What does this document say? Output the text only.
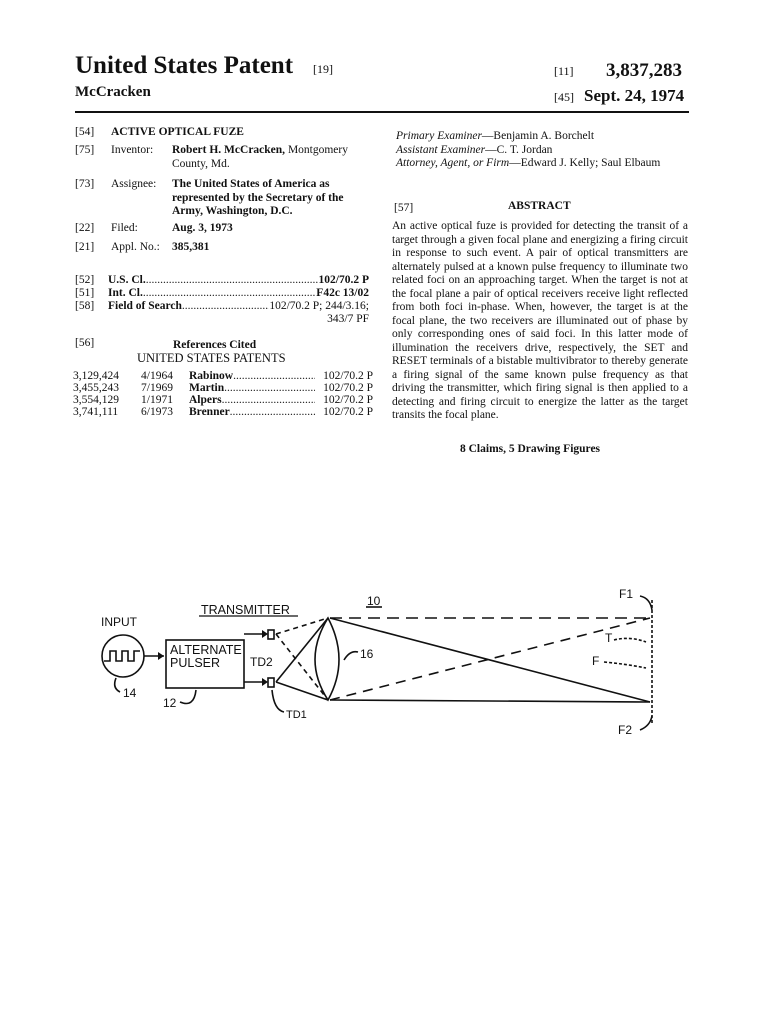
United States Patent [19]
McCracken
[11] 3,837,283
[45] Sept. 24, 1974
[54] ACTIVE OPTICAL FUZE
[75] Inventor: Robert H. McCracken, Montgomery County, Md.
[73] Assignee: The United States of America as represented by the Secretary of the Army, Washington, D.C.
[22] Filed:	Aug. 3, 1973
[21] Appl. No.: 385,381
[52] U.S. Cl. .....	102/70.2 P
[51] Int. Cl. .....	F42c 13/02
[58] Field of Search .....	102/70.2 P; 244/3.16;
343/7 PF
[56]	References Cited
UNITED STATES PATENTS
3,129,424	4/1964	Rabinow .....	102/70.2 P
3,455,243	7/1969	Martin .....	102/70.2 P
3,554,129	1/1971	Alpers .....	102/70.2 P
3,741,111	6/1973	Brenner .....	102/70.2 P
Primary Examiner—Benjamin A. Borchelt
Assistant Examiner—C. T. Jordan
Attorney, Agent, or Firm—Edward J. Kelly; Saul Elbaum
[57]	ABSTRACT
An active optical fuze is provided for detecting the transit of a target through a given focal plane and energizing a firing circuit in response to such event. A pair of optical transmitters are alternately pulsed at a known pulse frequency to illuminate two related foci on an approaching target. When the target is not at the focal plane a pair of optical receivers receive light reflected from both foci in-phase. When, however, the target is at the focal plane, the two receivers are illuminated out of phase by only corresponding ones of said foci. In this latter mode of illumination the receivers drive, respectively, the SET and RESET terminals of a bistable multivibrator to thereby generate a firing signal of the same known pulse frequency as that driving the transmitter, which firing signal is then applied to a detecting and firing circuit to energize the latter as the target transits the focal plane.
8 Claims, 5 Drawing Figures
INPUT
TRANSMITTER
ALTERNATE
PULSER TD2
TD1
10
16
14
12
F1
F2
T
F
